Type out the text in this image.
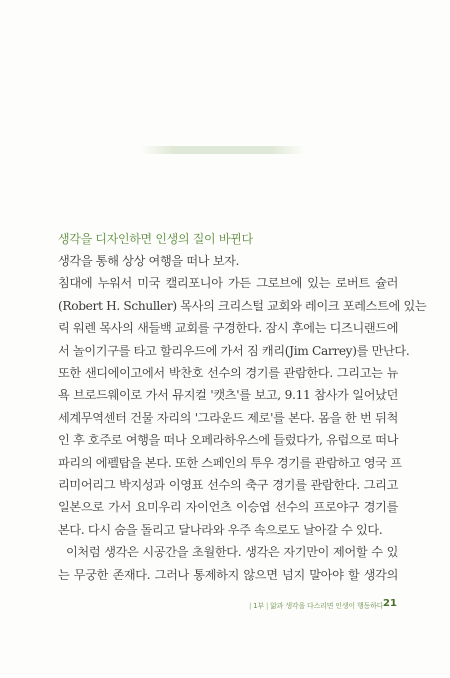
생각을 디자인하면 인생의 질이 바뀐다
생각을 통해 상상 여행을 떠나 보자.
침대에 누워서 미국 캘리포니아 가든 그로브에 있는 로버트 슐러
(Robert H. Schuller) 목사의 크리스털 교회와 레이크 포레스트에 있는
릭 워렌 목사의 새들백 교회를 구경한다. 잠시 후에는 디즈니랜드에
서 놀이기구를 타고 할리우드에 가서 짐 캐리(Jim Carrey)를 만난다.
또한 샌디에이고에서 박찬호 선수의 경기를 관람한다. 그리고는 뉴
욕 브로드웨이로 가서 뮤지컬 '캣츠'를 보고, 9.11 참사가 일어났던
세계무역센터 건물 자리의 '그라운드 제로'를 본다. 몸을 한 번 뒤척
인 후 호주로 여행을 떠나 오페라하우스에 들렀다가, 유럽으로 떠나
파리의 에펠탑을 본다. 또한 스페인의 투우 경기를 관람하고 영국 프
리미어리그 박지성과 이영표 선수의 축구 경기를 관람한다. 그리고
일본으로 가서 요미우리 자이언츠 이승엽 선수의 프로야구 경기를
본다. 다시 숨을 돌리고 달나라와 우주 속으로도 날아갈 수 있다.
이처럼 생각은 시공간을 초월한다. 생각은 자기만이 제어할 수 있
는 무궁한 존재다. 그러나 통제하지 않으면 넘지 말아야 할 생각의
| 1부 | 앎과 생각을 다스리면 인생이 행동하다 21
